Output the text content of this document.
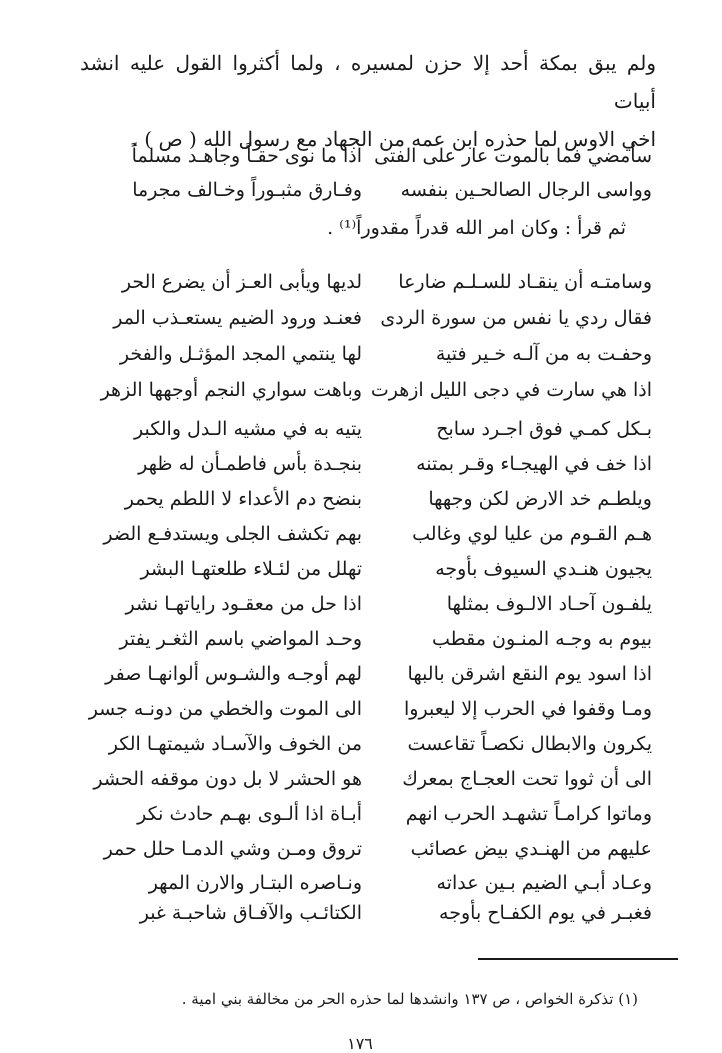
ولم يبق بمكة أحد إلا حزن لمسيره ، ولما أكثروا القول عليه انشد أبيات

اخي الاوس لما حذره ابن عمه من الجهاد مع رسول الله ( ص ) .

سأمضي فما بالموت عار على الفتى
اذا ما نوى حقـاً وجاهـد مسلماً
وواسى الرجال الصالحـين بنفسه
وفـارق مثبـوراً وخـالف مجرما
ثم قرأ : وكان امر الله قدراً مقدوراً⁽¹⁾ .
وسامتـه أن ينقـاد للسـلـم ضارعا
لديها ويأبى العـز أن يضرع الحر
فقال ردي يا نفس من سورة الردى
فعنـد ورود الضيم يستعـذب المر
وحفـت به من آلـه خـير فتية
لها ينتمي المجد المؤثـل والفخر
اذا هي سارت في دجى الليل ازهرت
وباهت سواري النجم أوجهها الزهر
بـكل كمـي فوق اجـرد سابح
يتيه به في مشيه الـدل والكبر
اذا خف في الهيجـاء وقـر بمتنه
بنجـدة بأس فاطمـأن له ظهر
ويلطـم خد الارض لكن وجهها
بنضح دم الأعداء لا اللطم يحمر
هـم القـوم من عليا لوي وغالب
بهم تكشف الجلى ويستدفـع الضر
يجيون هنـدي السيوف بأوجه
تهلل من لئـلاء طلعتهـا البشر
يلفـون آحـاد الالـوف بمثلها
اذا حل من معقـود راياتهـا نشر
بيوم به وجـه المنـون مقطب
وحـد المواضي باسم الثغـر يفتر
اذا اسود يوم النقع اشرقن بالبها
لهم أوجـه والشـوس ألوانهـا صفر
ومـا وقفوا في الحرب إلا ليعبروا
الى الموت والخطي من دونـه جسر
يكرون والابطال نكصـاً تقاعست
من الخوف والآسـاد شيمتهـا الكر
الى أن ثووا تحت العجـاج بمعرك
هو الحشر لا بل دون موقفه الحشر
وماتوا كرامـاً تشهـد الحرب انهم
أبـاة اذا ألـوى بهـم حادث نكر
عليهم من الهنـدي بيض عصائب
تروق ومـن وشي الدمـا حلل حمر
وعـاد أبـي الضيم بـين عداته
ونـاصره البتـار والارن المهر
فغبـر في يوم الكفـاح بأوجه
الكتائـب والآفـاق شاحبـة غبر
(١) تذكرة الخواص ، ص ١٣٧ وانشدها لما حذره الحر من مخالفة بني امية .
١٧٦
